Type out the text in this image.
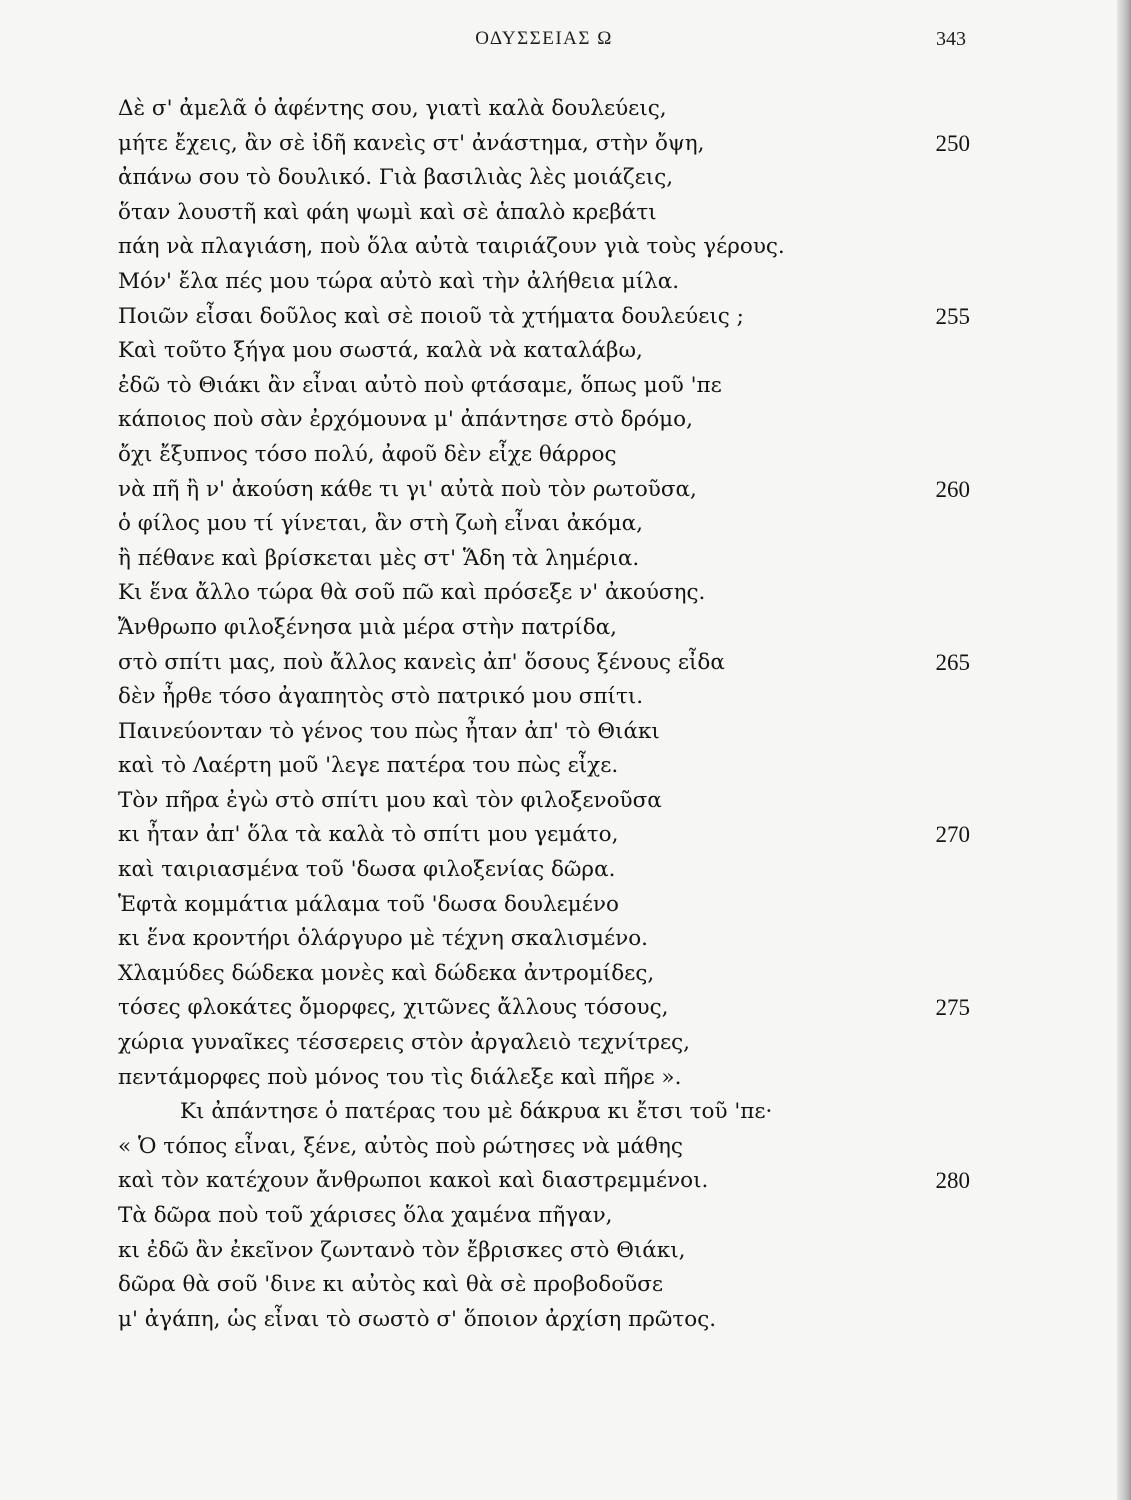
ΟΔΥΣΣΕΙΑΣ Ω	343
Δὲ σ' ἀμελᾶ ὁ ἀφέντης σου, γιατὶ καλὰ δουλεύεις,
μήτε ἔχεις, ἂν σὲ ἰδῆ κανεὶς στ' ἀνάστημα, στὴν ὄψη,	250
ἀπάνω σου τὸ δουλικό. Γιὰ βασιλιὰς λὲς μοιάζεις,
ὅταν λουστῆ καὶ φάη ψωμὶ καὶ σὲ ἁπαλὸ κρεβάτι
πάη νὰ πλαγιάση, ποὺ ὅλα αὐτὰ ταιριάζουν γιὰ τοὺς γέρους.
Μόν' ἔλα πές μου τώρα αὐτὸ καὶ τὴν ἀλήθεια μίλα.
Ποιῶν εἶσαι δοῦλος καὶ σὲ ποιοῦ τὰ χτήματα δουλεύεις ;	255
Καὶ τοῦτο ξήγα μου σωστά, καλὰ νὰ καταλάβω,
ἐδῶ τὸ Θιάκι ἂν εἶναι αὐτὸ ποὺ φτάσαμε, ὅπως μοῦ 'πε
κάποιος ποὺ σὰν ἐρχόμουνα μ' ἀπάντησε στὸ δρόμο,
ὄχι ἔξυπνος τόσο πολύ, ἀφοῦ δὲν εἶχε θάρρος
νὰ πῆ ἢ ν' ἀκούση κάθε τι γι' αὐτὰ ποὺ τὸν ρωτοῦσα,	260
ὁ φίλος μου τί γίνεται, ἂν στὴ ζωὴ εἶναι ἀκόμα,
ἢ πέθανε καὶ βρίσκεται μὲς στ' Ἅδη τὰ λημέρια.
Κι ἕνα ἄλλο τώρα θὰ σοῦ πῶ καὶ πρόσεξε ν' ἀκούσης.
Ἄνθρωπο φιλοξένησα μιὰ μέρα στὴν πατρίδα,
στὸ σπίτι μας, ποὺ ἄλλος κανεὶς ἀπ' ὅσους ξένους εἶδα	265
δὲν ἦρθε τόσο ἀγαπητὸς στὸ πατρικό μου σπίτι.
Παινεύονταν τὸ γένος του πὼς ἦταν ἀπ' τὸ Θιάκι
καὶ τὸ Λαέρτη μοῦ 'λεγε πατέρα του πὼς εἶχε.
Τὸν πῆρα ἐγὼ στὸ σπίτι μου καὶ τὸν φιλοξενοῦσα
κι ἦταν ἀπ' ὅλα τὰ καλὰ τὸ σπίτι μου γεμάτο,	270
καὶ ταιριασμένα τοῦ 'δωσα φιλοξενίας δῶρα.
Ἑφτὰ κομμάτια μάλαμα τοῦ 'δωσα δουλεμένο
κι ἕνα κροντήρι ὁλάργυρο μὲ τέχνη σκαλισμένο.
Χλαμύδες δώδεκα μονὲς καὶ δώδεκα ἀντρομίδες,
τόσες φλοκάτες ὄμορφες, χιτῶνες ἄλλους τόσους,	275
χώρια γυναῖκες τέσσερεις στὸν ἀργαλειὸ τεχνίτρες,
πεντάμορφες ποὺ μόνος του τὶς διάλεξε καὶ πῆρε ».
Κι ἀπάντησε ὁ πατέρας του μὲ δάκρυα κι ἔτσι τοῦ 'πε·
« Ὁ τόπος εἶναι, ξένε, αὐτὸς ποὺ ρώτησες νὰ μάθης
καὶ τὸν κατέχουν ἄνθρωποι κακοὶ καὶ διαστρεμμένοι.	280
Τὰ δῶρα ποὺ τοῦ χάρισες ὅλα χαμένα πῆγαν,
κι ἐδῶ ἂν ἐκεῖνον ζωντανὸ τὸν ἔβρισκες στὸ Θιάκι,
δῶρα θὰ σοῦ 'δινε κι αὐτὸς καὶ θὰ σὲ προβοδοῦσε
μ' ἀγάπη, ὡς εἶναι τὸ σωστὸ σ' ὅποιον ἀρχίση πρῶτος.
